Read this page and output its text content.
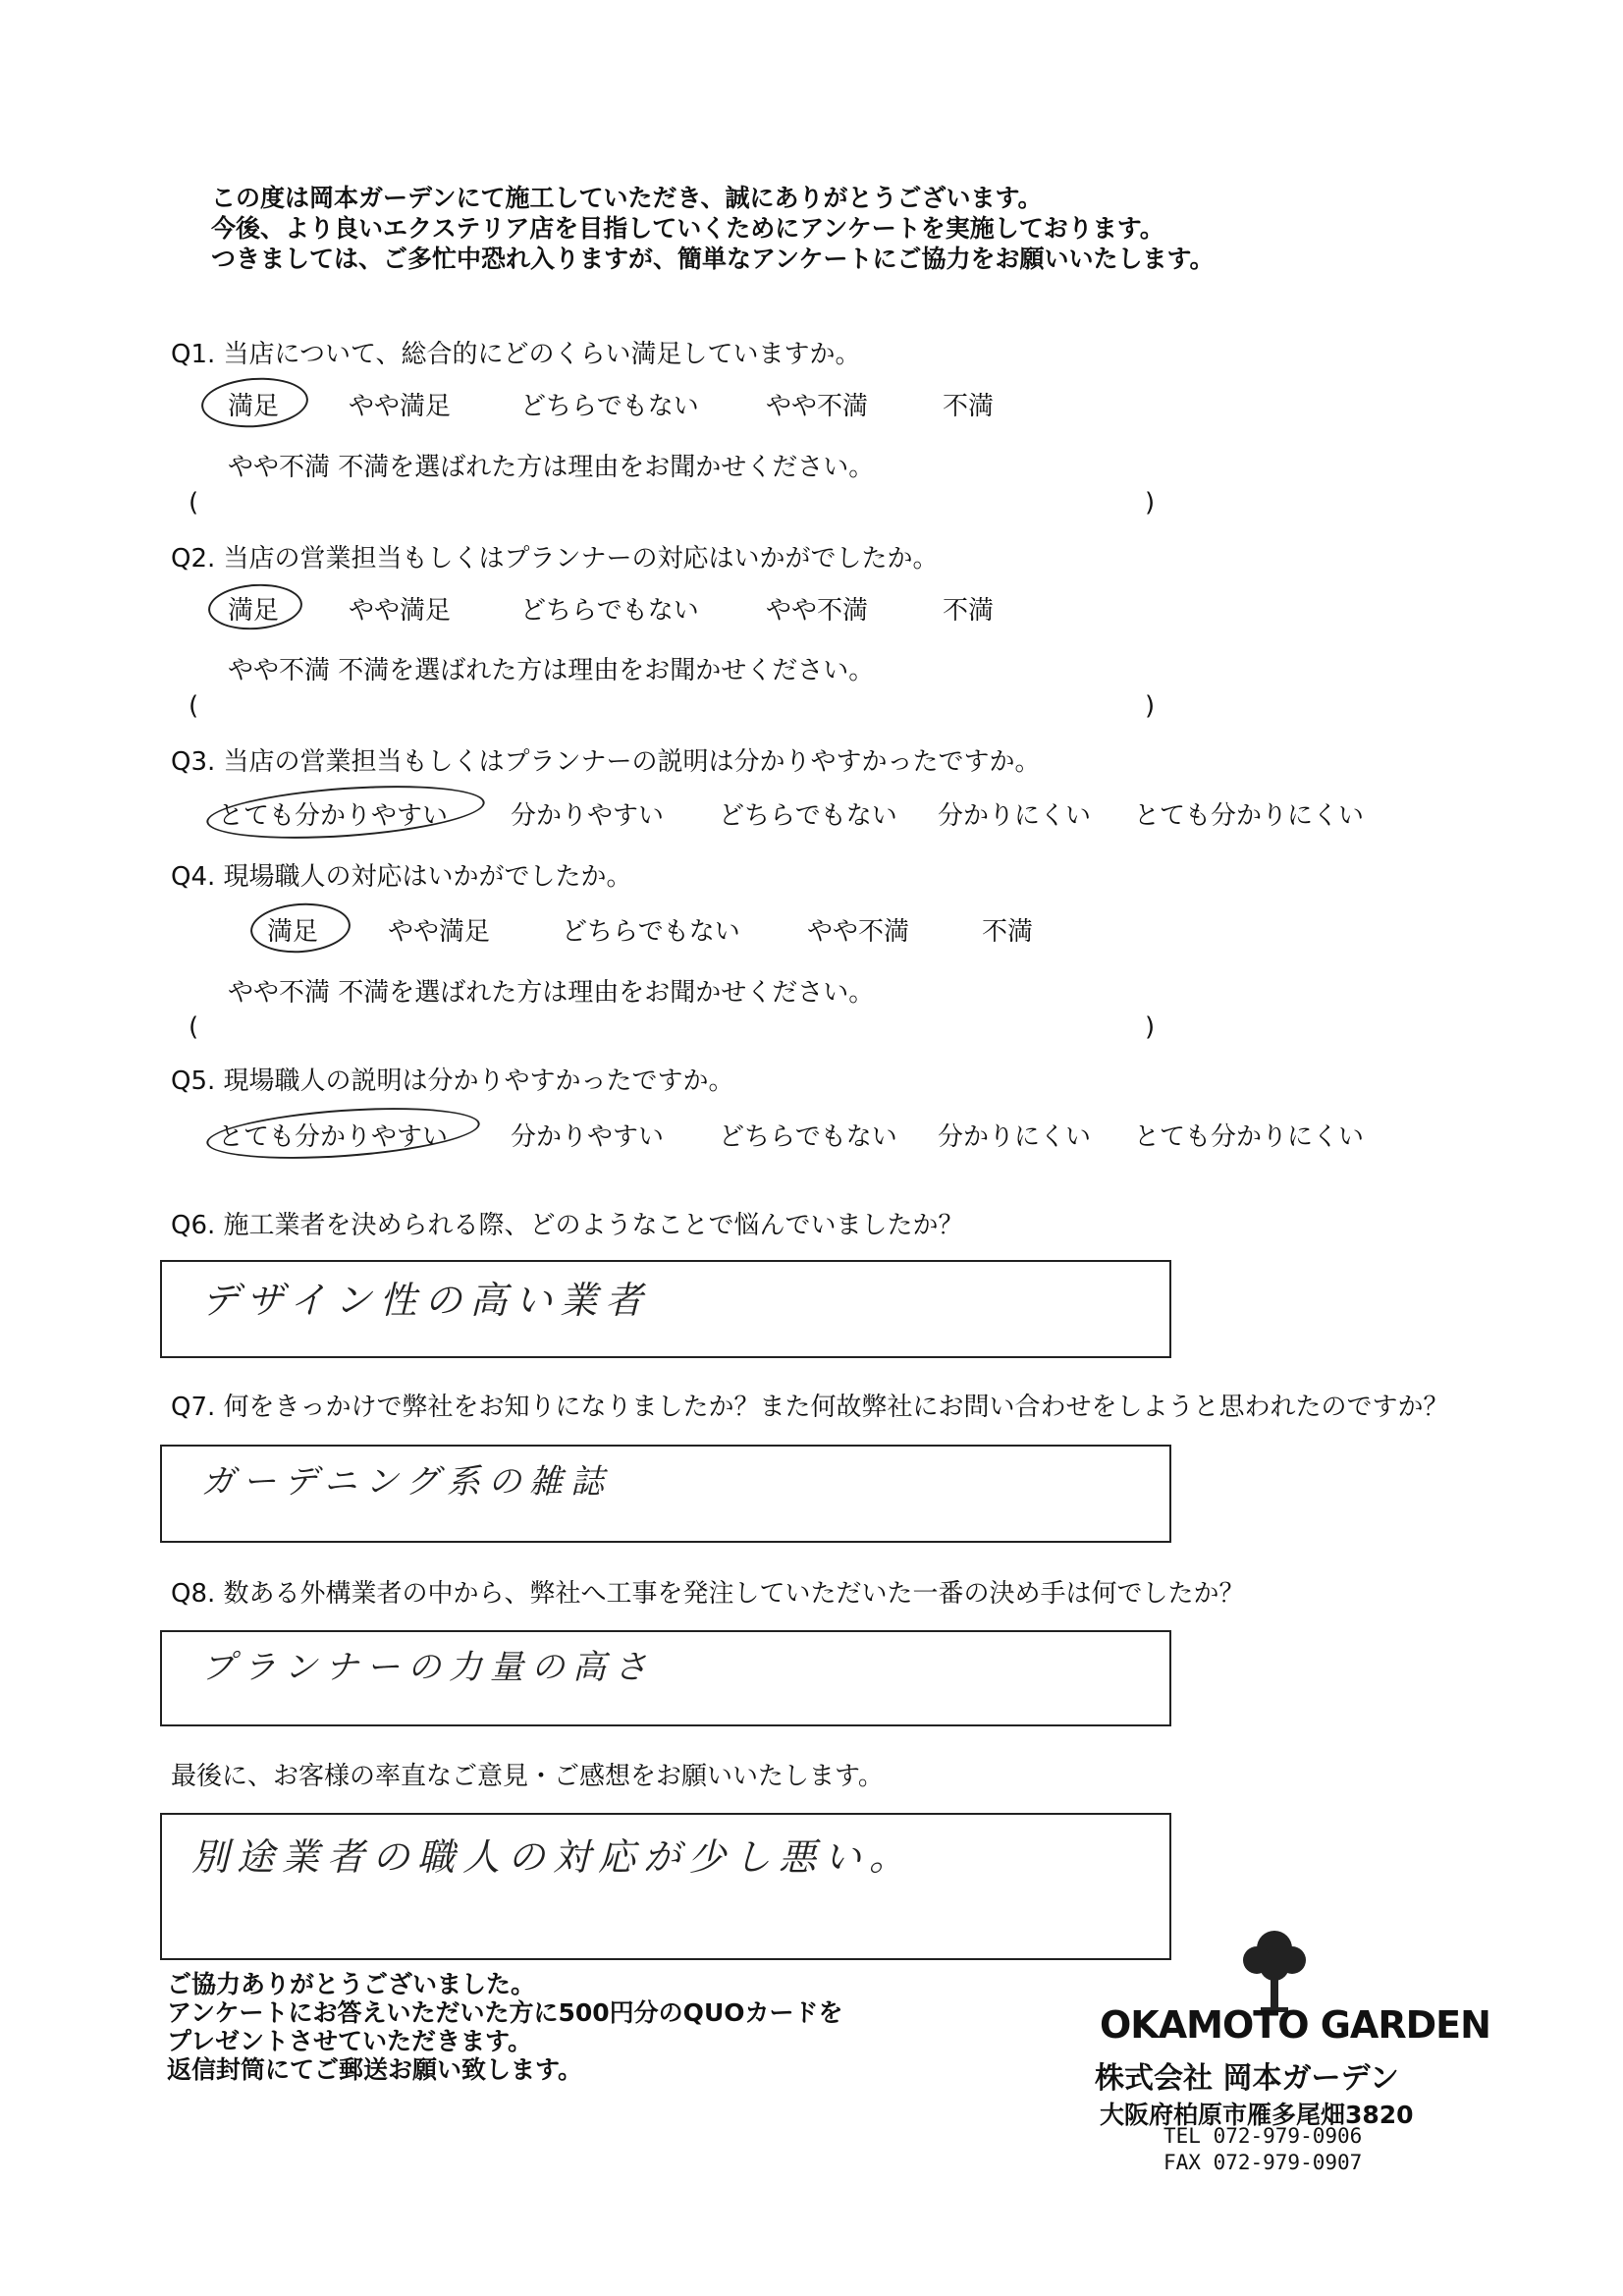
この度は岡本ガーデンにて施工していただき、誠にありがとうございます。
今後、より良いエクステリア店を目指していくためにアンケートを実施しております。
つきましては、ご多忙中恐れ入りますが、簡単なアンケートにご協力をお願いいたします。
Q1. 当店について、総合的にどのくらい満足していますか。
満足	やや満足	どちらでもない	やや不満	不満
やや不満 不満を選ばれた方は理由をお聞かせください。
(	)
Q2. 当店の営業担当もしくはプランナーの対応はいかがでしたか。
満足	やや満足	どちらでもない	やや不満	不満
やや不満 不満を選ばれた方は理由をお聞かせください。
(	)
Q3. 当店の営業担当もしくはプランナーの説明は分かりやすかったですか。
とても分かりやすい 分かりやすい どちらでもない 分かりにくい とても分かりにくい
Q4. 現場職人の対応はいかがでしたか。
満足	やや満足	どちらでもない	やや不満	不満
やや不満 不満を選ばれた方は理由をお聞かせください。
(	)
Q5. 現場職人の説明は分かりやすかったですか。
とても分かりやすい 分かりやすい どちらでもない 分かりにくい とても分かりにくい
Q6. 施工業者を決められる際、どのようなことで悩んでいましたか？
デザイン性の高い業者
Q7. 何をきっかけで弊社をお知りになりましたか？また何故弊社にお問い合わせをしようと思われたのですか？
ガーデニング系の雑誌
Q8. 数ある外構業者の中から、弊社へ工事を発注していただいた一番の決め手は何でしたか？
プランナーの力量の高さ
最後に、お客様の率直なご意見・ご感想をお願いいたします。
別途業者の職人の対応が少し悪い。
ご協力ありがとうございました。
アンケートにお答えいただいた方に500円分のQUOカードを
プレゼントさせていただきます。
返信封筒にてご郵送お願い致します。
OKAMOTO GARDEN
株式会社 岡本ガーデン
大阪府柏原市雁多尾畑3820
TEL 072-979-0906
FAX 072-979-0907
